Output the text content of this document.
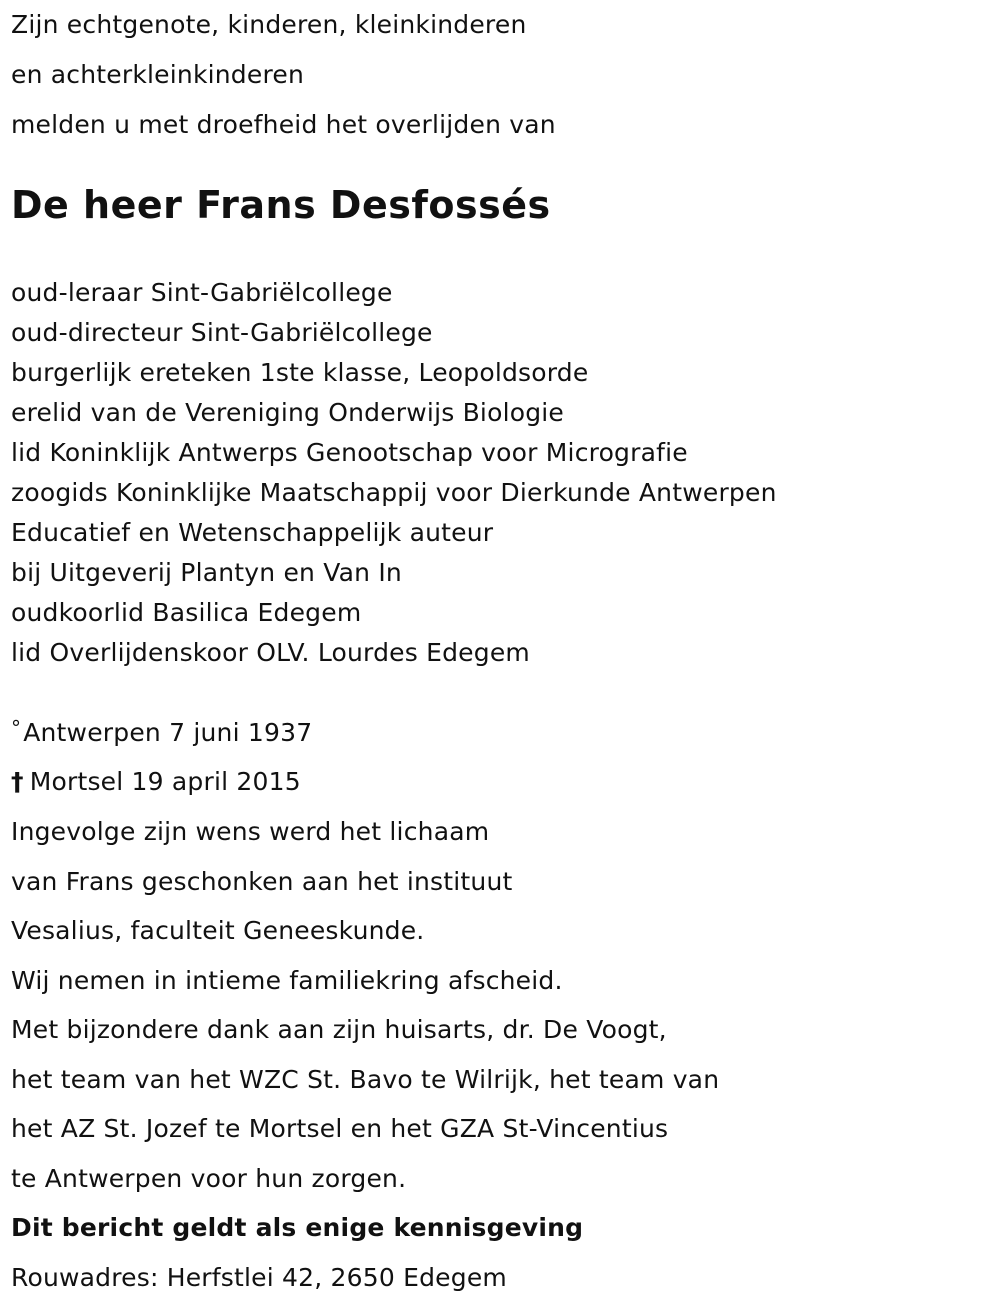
Zijn echtgenote, kinderen, kleinkinderen
en achterkleinkinderen
melden u met droefheid het overlijden van
De heer Frans Desfossés
oud-leraar Sint-Gabriëlcollege
oud-directeur Sint-Gabriëlcollege
burgerlijk ereteken 1ste klasse, Leopoldsorde
erelid van de Vereniging Onderwijs Biologie
lid Koninklijk Antwerps Genootschap voor Micrografie
zoogids Koninklijke Maatschappij voor Dierkunde Antwerpen
Educatief en Wetenschappelijk auteur
bij Uitgeverij Plantyn en Van In
oudkoorlid Basilica Edegem
lid Overlijdenskoor OLV. Lourdes Edegem
°Antwerpen 7 juni 1937
† Mortsel 19 april 2015
Ingevolge zijn wens werd het lichaam
van Frans geschonken aan het instituut
Vesalius, faculteit Geneeskunde.
Wij nemen in intieme familiekring afscheid.
Met bijzondere dank aan zijn huisarts, dr. De Voogt,
het team van het WZC St. Bavo te Wilrijk, het team van
het AZ St. Jozef te Mortsel en het GZA St-Vincentius
te Antwerpen voor hun zorgen.
Dit bericht geldt als enige kennisgeving
Rouwadres: Herfstlei 42, 2650 Edegem
